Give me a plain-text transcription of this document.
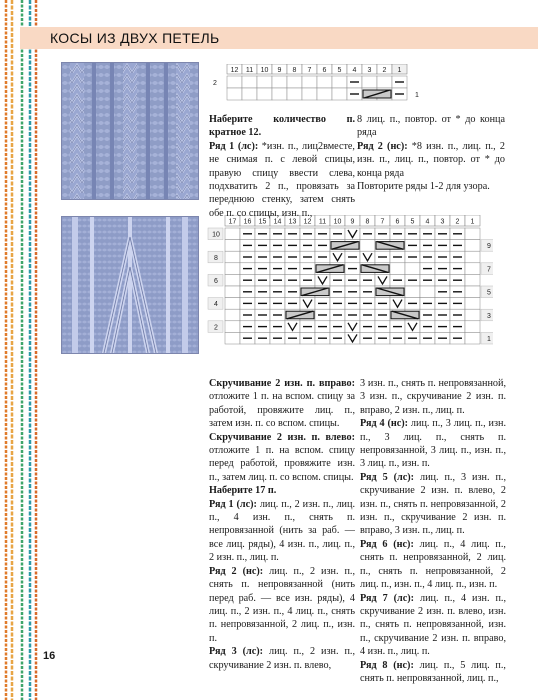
КОСЫ ИЗ ДВУХ ПЕТЕЛЬ
12 11 10 9 8 7 6 5 4 3 2 1
2
1
17 16 15 14 13 12 11 10 9 8 7 6 5 4 3 2 1
10
8
6
4
2
9
7
5
3
1

Наберите количество п. кратное 12.

Ряд 1 (лс): *изн. п., лиц2вместе, не снимая п. с левой спицы, правую спицу ввести слева, подхватить 2 п., провязать за переднюю стенку, затем снять обе п. со спицы, изн. п.,

8 лиц. п., повтор. от * до конца ряда

Ряд 2 (нс): *8 изн. п., лиц. п., 2 изн. п., лиц. п., повтор. от * до конца ряда

Повторите ряды 1-2 для узора.

Скручивание 2 изн. п. вправо: отложите 1 п. на вспом. спицу за работой, провяжите лиц. п., затем изн. п. со вспом. спицы.

Скручивание 2 изн. п. влево: отложите 1 п. на вспом. спицу перед работой, провяжите изн. п., затем лиц. п. со вспом. спицы.

Наберите 17 п.

Ряд 1 (лс): лиц. п., 2 изн. п., лиц. п., 4 изн. п., снять п. непровязанной (нить за раб. — все лиц. ряды), 4 изн. п., лиц. п., 2 изн. п., лиц. п.

Ряд 2 (нс): лиц. п., 2 изн. п., снять п. непровязанной (нить перед раб. — все изн. ряды), 4 лиц. п., 2 изн. п., 4 лиц. п., снять п. непровязанной, 2 лиц. п., изн. п.

Ряд 3 (лс): лиц. п., 2 изн. п., скручивание 2 изн. п. влево,

3 изн. п., снять п. непровязанной, 3 изн. п., скручивание 2 изн. п. вправо, 2 изн. п., лиц. п.

Ряд 4 (нс): лиц. п., 3 лиц. п., изн. п., 3 лиц. п., снять п. непровязанной, 3 лиц. п., изн. п., 3 лиц. п., изн. п.

Ряд 5 (лс): лиц. п., 3 изн. п., скручивание 2 изн. п. влево, 2 изн. п., снять п. непровязанной, 2 изн. п., скручивание 2 изн. п. вправо, 3 изн. п., лиц. п.

Ряд 6 (нс): лиц. п., 4 лиц. п., снять п. непровязанной, 2 лиц. п., снять п. непровязанной, 2 лиц. п., изн. п., 4 лиц. п., изн. п.

Ряд 7 (лс): лиц. п., 4 изн. п., скручивание 2 изн. п. влево, изн. п., снять п. непровязанной, изн. п., скручивание 2 изн. п. вправо, 4 изн. п., лиц. п.

Ряд 8 (нс): лиц. п., 5 лиц. п., снять п. непровязанной, лиц. п.,

16
